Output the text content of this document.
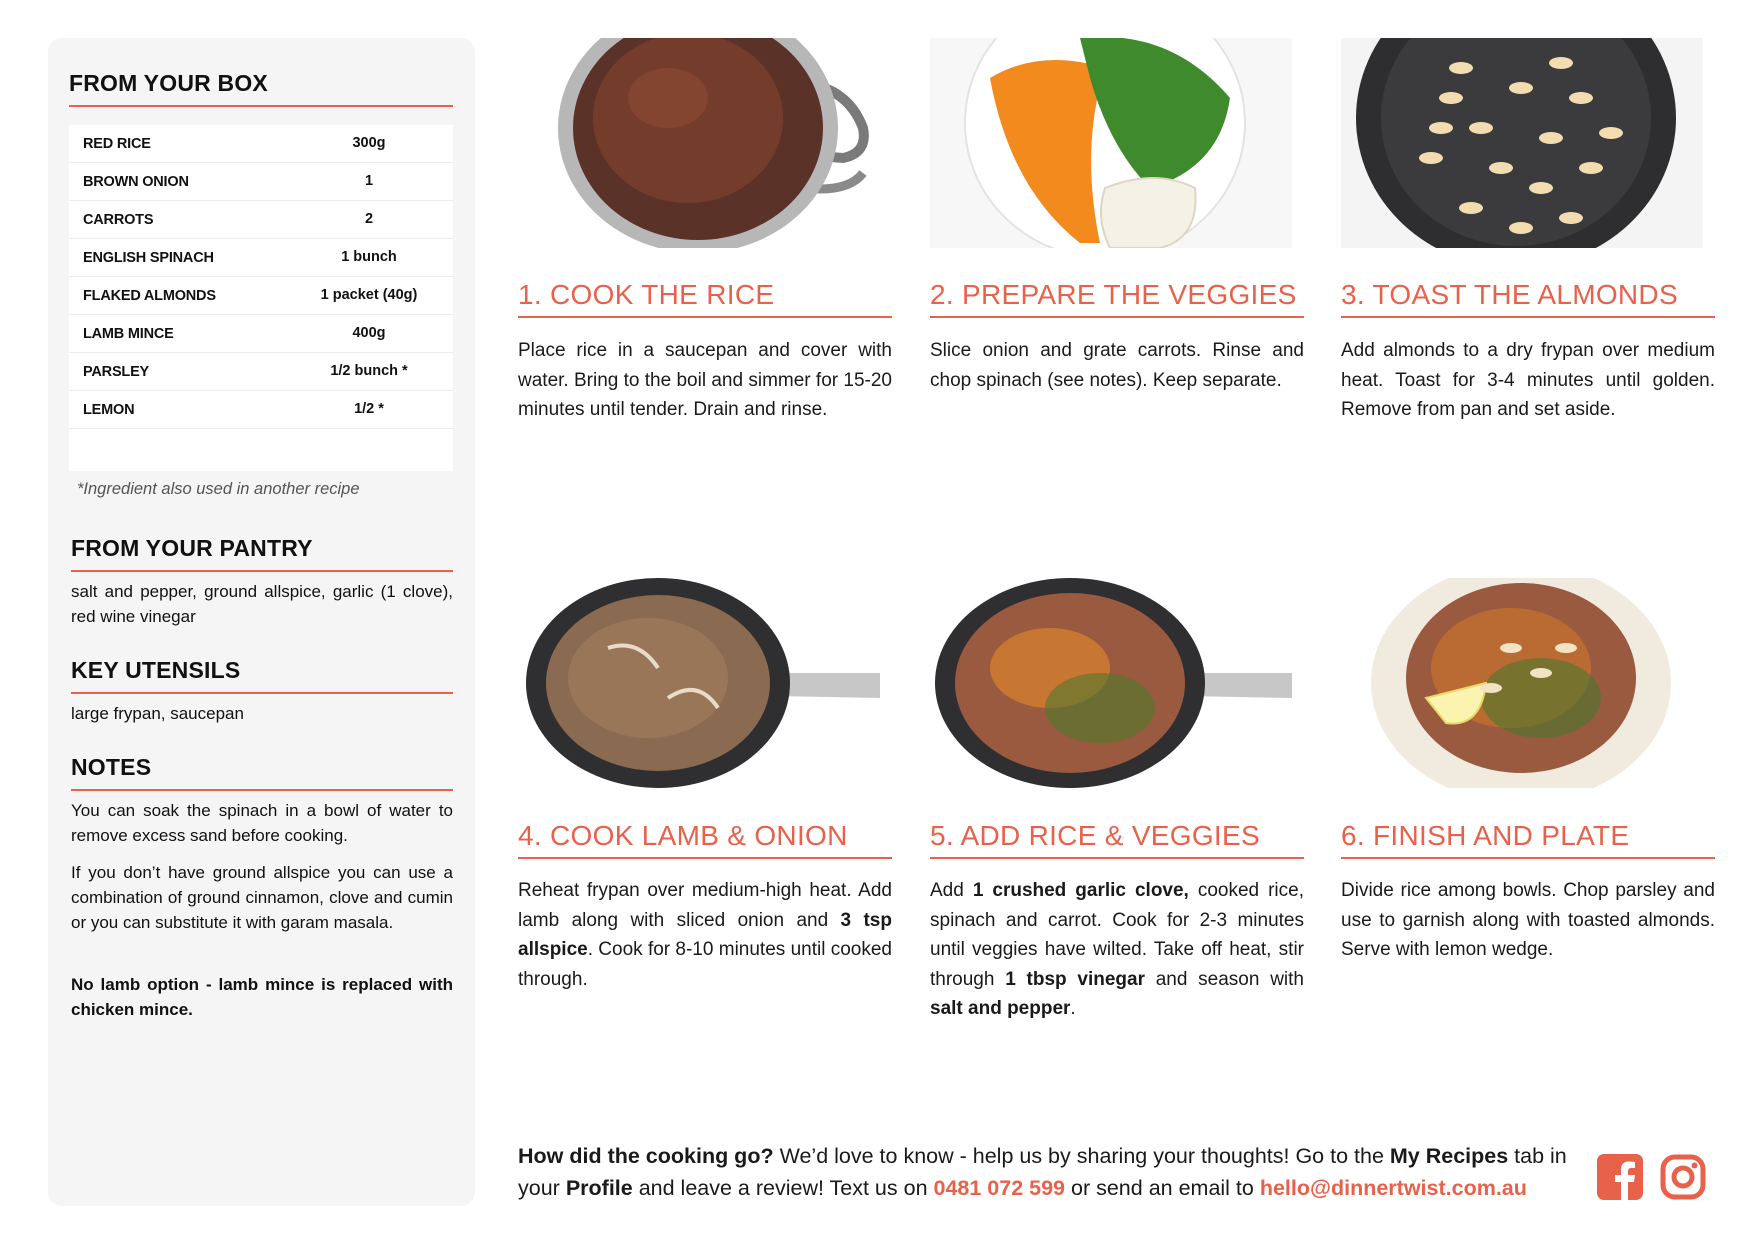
FROM YOUR BOX
RED RICE	300g
BROWN ONION	1
CARROTS	2
ENGLISH SPINACH	1 bunch
FLAKED ALMONDS	1 packet (40g)
LAMB MINCE	400g
PARSLEY	1/2 bunch *
LEMON	1/2 *
*Ingredient also used in another recipe
FROM YOUR PANTRY
salt and pepper, ground allspice, garlic (1 clove), red wine vinegar
KEY UTENSILS
large frypan, saucepan
NOTES
You can soak the spinach in a bowl of water to remove excess sand before cooking.
If you don’t have ground allspice you can use a combination of ground cinnamon, clove and cumin or you can substitute it with garam masala.
No lamb option - lamb mince is replaced with chicken mince.
1. COOK THE RICE
Place rice in a saucepan and cover with water. Bring to the boil and simmer for 15-20 minutes until tender. Drain and rinse.
2. PREPARE THE VEGGIES
Slice onion and grate carrots. Rinse and chop spinach (see notes). Keep separate.
3. TOAST THE ALMONDS
Add almonds to a dry frypan over medium heat. Toast for 3-4 minutes until golden. Remove from pan and set aside.
4. COOK LAMB & ONION
Reheat frypan over medium-high heat. Add lamb along with sliced onion and 3 tsp allspice. Cook for 8-10 minutes until cooked through.
5. ADD RICE & VEGGIES
Add 1 crushed garlic clove, cooked rice, spinach and carrot. Cook for 2-3 minutes until veggies have wilted. Take off heat, stir through 1 tbsp vinegar and season with salt and pepper.
6. FINISH AND PLATE
Divide rice among bowls. Chop parsley and use to garnish along with toasted almonds. Serve with lemon wedge.
How did the cooking go? We’d love to know - help us by sharing your thoughts! Go to the My Recipes tab in your Profile and leave a review! Text us on 0481 072 599 or send an email to hello@dinnertwist.com.au
